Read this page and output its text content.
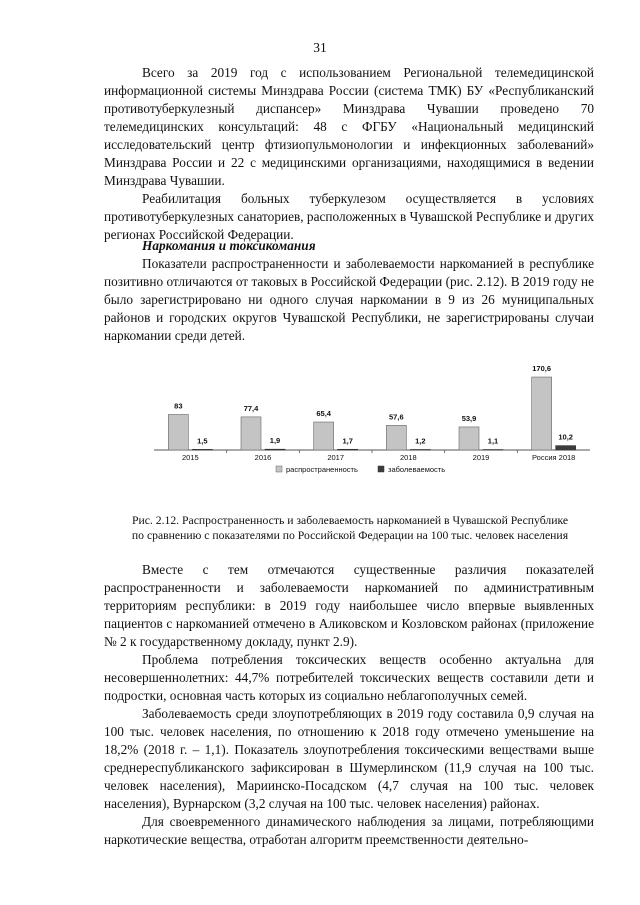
31

Всего за 2019 год с использованием Региональной телемедицинской информационной системы Минздрава России (система ТМК) БУ «Республиканский противотуберкулезный диспансер» Минздрава Чувашии проведено 70 телемедицинских консультаций: 48 с ФГБУ «Национальный медицинский исследовательский центр фтизиопульмонологии и инфекционных заболеваний» Минздрава России и 22 с медицинскими организациями, находящимися в ведении Минздрава Чувашии.

Реабилитация больных туберкулезом осуществляется в условиях противотуберкулезных санаториев, расположенных в Чувашской Республике и других регионах Российской Федерации.

Наркомания и токсикомания

Показатели распространенности и заболеваемости наркоманией в республике позитивно отличаются от таковых в Российской Федерации (рис. 2.12). В 2019 году не было зарегистрировано ни одного случая наркомании в 9 из 26 муниципальных районов и городских округов Чувашской Республики, не зарегистрированы случаи наркомании среди детей.

83
1,5
2015
77,4
1,9
2016
65,4
1,7
2017
57,6
1,2
2018
53,9
1,1
2019
170,6
10,2
Россия 2018
распространенность	заболеваемость
Рис. 2.12. Распространенность и заболеваемость наркоманией в Чувашской Республике
по сравнению с показателями по Российской Федерации на 100 тыс. человек населения

Вместе с тем отмечаются существенные различия показателей распространенности и заболеваемости наркоманией по административным территориям республики: в 2019 году наибольшее число впервые выявленных пациентов с наркоманией отмечено в Аликовском и Козловском районах (приложение № 2 к государственному докладу, пункт 2.9).

Проблема потребления токсических веществ особенно актуальна для несовершеннолетних: 44,7% потребителей токсических веществ составили дети и подростки, основная часть которых из социально неблагополучных семей.

Заболеваемость среди злоупотребляющих в 2019 году составила 0,9 случая на 100 тыс. человек населения, по отношению к 2018 году отмечено уменьшение на 18,2% (2018 г. – 1,1). Показатель злоупотребления токсическими веществами выше среднереспубликанского зафиксирован в Шумерлинском (11,9 случая на 100 тыс. человек населения), Мариинско-Посадском (4,7 случая на 100 тыс. человек населения), Вурнарском (3,2 случая на 100 тыс. человек населения) районах.

Для своевременного динамического наблюдения за лицами, потребляющими наркотические вещества, отработан алгоритм преемственности деятельно-
